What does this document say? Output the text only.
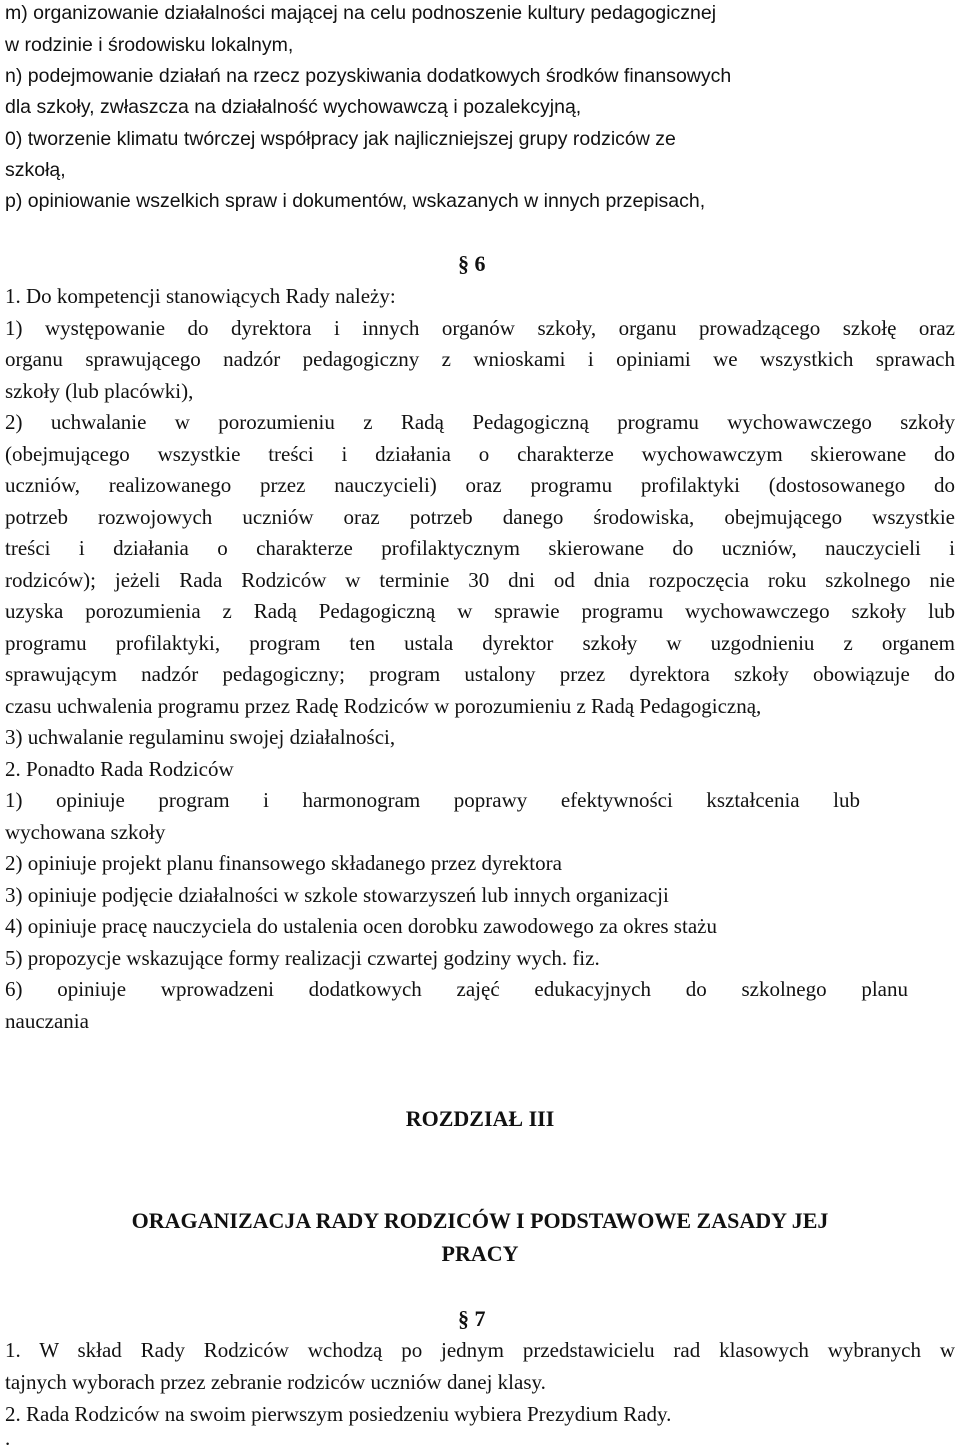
m) organizowanie działalności mającej na celu podnoszenie kultury pedagogicznej
w rodzinie i środowisku lokalnym,
n) podejmowanie działań na rzecz pozyskiwania dodatkowych środków finansowych
dla szkoły, zwłaszcza na działalność wychowawczą i pozalekcyjną,
0) tworzenie klimatu twórczej współpracy jak najliczniejszej grupy rodziców ze
szkołą,
p) opiniowanie wszelkich spraw i dokumentów, wskazanych w innych przepisach,
§ 6
1. Do kompetencji stanowiących Rady należy:
1) występowanie do dyrektora i innych organów szkoły, organu prowadzącego szkołę oraz
organu sprawującego nadzór pedagogiczny z wnioskami i opiniami we wszystkich sprawach
szkoły (lub placówki),
2) uchwalanie w porozumieniu z Radą Pedagogiczną programu wychowawczego szkoły
(obejmującego wszystkie treści i działania o charakterze wychowawczym skierowane do
uczniów, realizowanego przez nauczycieli) oraz programu profilaktyki (dostosowanego do
potrzeb rozwojowych uczniów oraz potrzeb danego środowiska, obejmującego wszystkie
treści i działania o charakterze profilaktycznym skierowane do uczniów, nauczycieli i
rodziców); jeżeli Rada Rodziców w terminie 30 dni od dnia rozpoczęcia roku szkolnego nie
uzyska porozumienia z Radą Pedagogiczną w sprawie programu wychowawczego szkoły lub
programu profilaktyki, program ten ustala dyrektor szkoły w uzgodnieniu z organem
sprawującym nadzór pedagogiczny; program ustalony przez dyrektora szkoły obowiązuje do
czasu uchwalenia programu przez Radę Rodziców w porozumieniu z Radą Pedagogiczną,
3) uchwalanie regulaminu swojej działalności,
2. Ponadto Rada Rodziców
1) opiniuje program i harmonogram poprawy efektywności kształcenia lub
wychowana szkoły
2) opiniuje projekt planu finansowego składanego przez dyrektora
3) opiniuje podjęcie działalności w szkole stowarzyszeń lub innych organizacji
4) opiniuje pracę nauczyciela do ustalenia ocen dorobku zawodowego za okres stażu
5) propozycje wskazujące formy realizacji czwartej godziny wych. fiz.
6) opiniuje wprowadzeni dodatkowych zajęć edukacyjnych do szkolnego planu
nauczania
ROZDZIAŁ III
ORAGANIZACJA RADY RODZICÓW I PODSTAWOWE ZASADY JEJ
PRACY
§ 7
1. W skład Rady Rodziców wchodzą po jednym przedstawicielu rad klasowych wybranych w
tajnych wyborach przez zebranie rodziców uczniów danej klasy.
2. Rada Rodziców na swoim pierwszym posiedzeniu wybiera Prezydium Rady.
.
